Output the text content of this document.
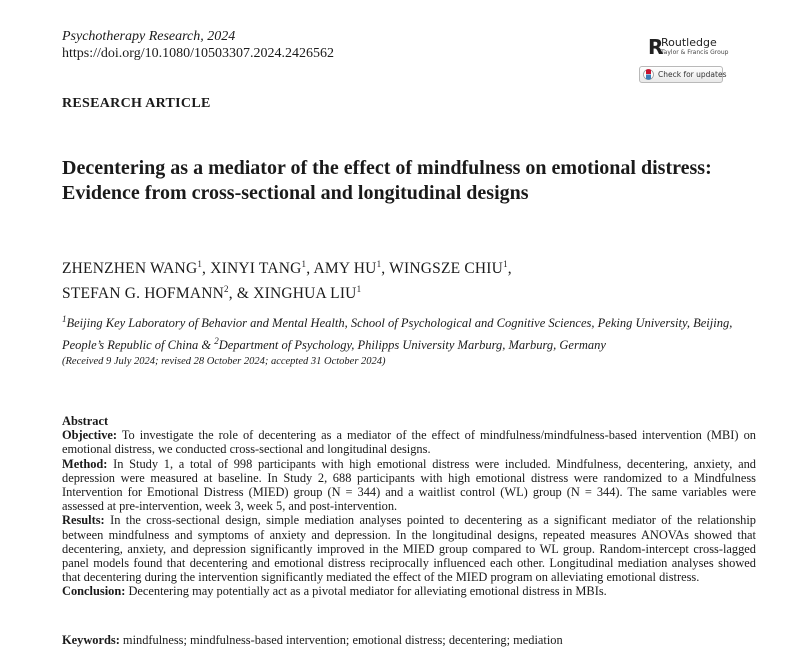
Psychotherapy Research, 2024
https://doi.org/10.1080/10503307.2024.2426562	R
Routledge
Taylor & Francis Group
Check for updates
RESEARCH ARTICLE
Decentering as a mediator of the effect of mindfulness on emotional distress: Evidence from cross-sectional and longitudinal designs
ZHENZHEN WANG$^1$, XINYI TANG$^1$, AMY $HU^1$, WINGSZE CHIU$^1$,
STEFAN G. HOFMANN$^2$, & XINGHUA LIU$^1$
$^1$Beijing Key Laboratory of Behavior and Mental Health, School of Psychological and Cognitive Sciences, Peking University, Beijing, People’s Republic of China & $^2$Department of Psychology, Philipps University Marburg, Marburg, Germany
(Received 9 July 2024; revised 28 October 2024; accepted 31 October 2024)
Abstract

Objective: To investigate the role of decentering as a mediator of the effect of mindfulness/mindfulness-based intervention (MBI) on emotional distress, we conducted cross-sectional and longitudinal designs.

Method: In Study 1, a total of 998 participants with high emotional distress were included. Mindfulness, decentering, anxiety, and depression were measured at baseline. In Study 2, 688 participants with high emotional distress were randomized to a Mindfulness Intervention for Emotional Distress (MIED) group (N = 344) and a waitlist control (WL) group (N = 344). The same variables were assessed at pre-intervention, week 3, week 5, and post-intervention.

Results: In the cross-sectional design, simple mediation analyses pointed to decentering as a significant mediator of the relationship between mindfulness and symptoms of anxiety and depression. In the longitudinal designs, repeated measures ANOVAs showed that decentering, anxiety, and depression significantly improved in the MIED group compared to WL group. Random-intercept cross-lagged panel models found that decentering and emotional distress reciprocally influenced each other. Longitudinal mediation analyses showed that decentering during the intervention significantly mediated the effect of the MIED program on alleviating emotional distress.

Conclusion: Decentering may potentially act as a pivotal mediator for alleviating emotional distress in MBIs.

Keywords: mindfulness; mindfulness-based intervention; emotional distress; decentering; mediation
